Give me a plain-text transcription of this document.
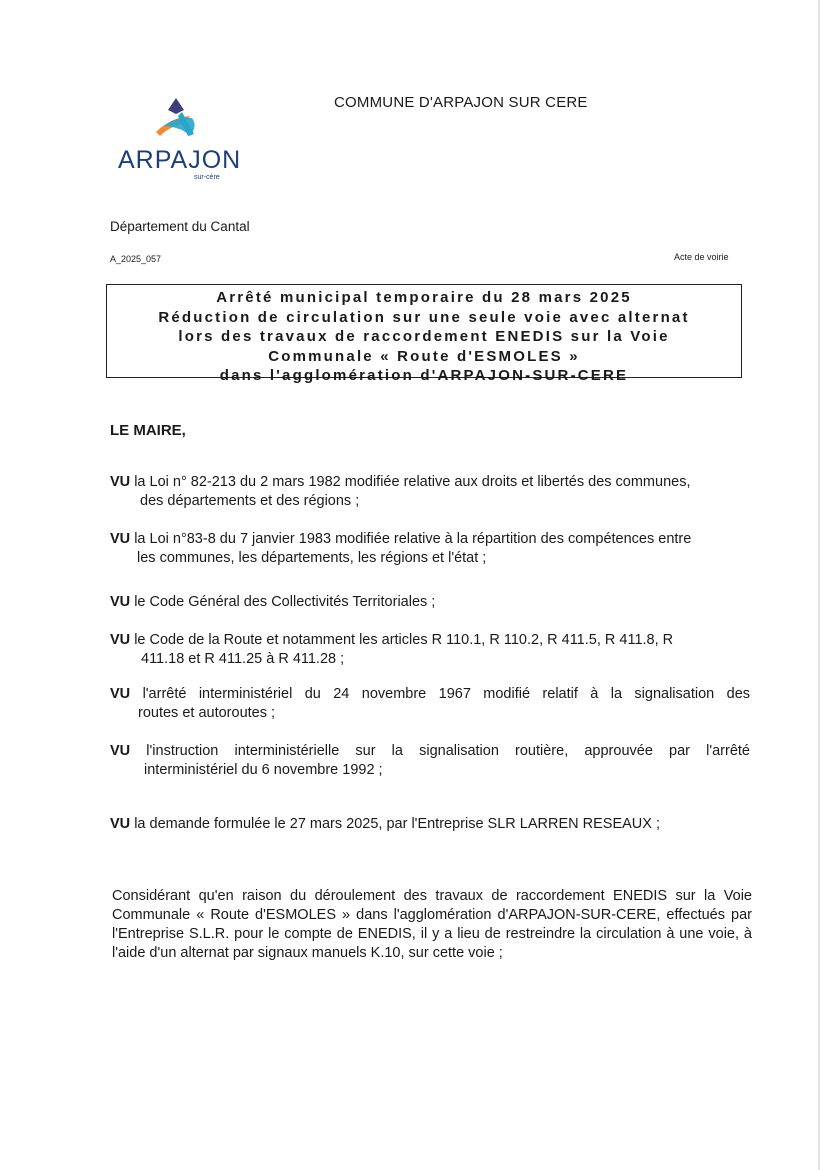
ARPAJON
sur-cère
COMMUNE D'ARPAJON SUR CERE
Département du Cantal
A_2025_057	Acte de voirie
Arrêté municipal temporaire du 28 mars 2025
Réduction de circulation sur une seule voie avec alternat
lors des travaux de raccordement ENEDIS sur la Voie
Communale « Route d'ESMOLES »
dans l'agglomération d'ARPAJON-SUR-CERE
LE MAIRE,
VU la Loi n° 82-213 du 2 mars 1982 modifiée relative aux droits et libertés des communes,
des départements et des régions ;
VU la Loi n°83-8 du 7 janvier 1983 modifiée relative à la répartition des compétences entre
les communes, les départements, les régions et l'état ;
VU le Code Général des Collectivités Territoriales ;
VU le Code de la Route et notamment les articles R 110.1, R 110.2, R 411.5, R 411.8, R
411.18 et R 411.25 à R 411.28 ;
VU l'arrêté interministériel du 24 novembre 1967 modifié relatif à la signalisation des
routes et autoroutes ;
VU l'instruction interministérielle sur la signalisation routière, approuvée par l'arrêté
interministériel du 6 novembre 1992 ;
VU la demande formulée le 27 mars 2025, par l'Entreprise SLR LARREN RESEAUX ;
Considérant qu'en raison du déroulement des travaux de raccordement ENEDIS sur la Voie Communale « Route d'ESMOLES » dans l'agglomération d'ARPAJON-SUR-CERE, effectués par l'Entreprise S.L.R. pour le compte de ENEDIS, il y a lieu de restreindre la circulation à une voie, à l'aide d'un alternat par signaux manuels K.10, sur cette voie ;
